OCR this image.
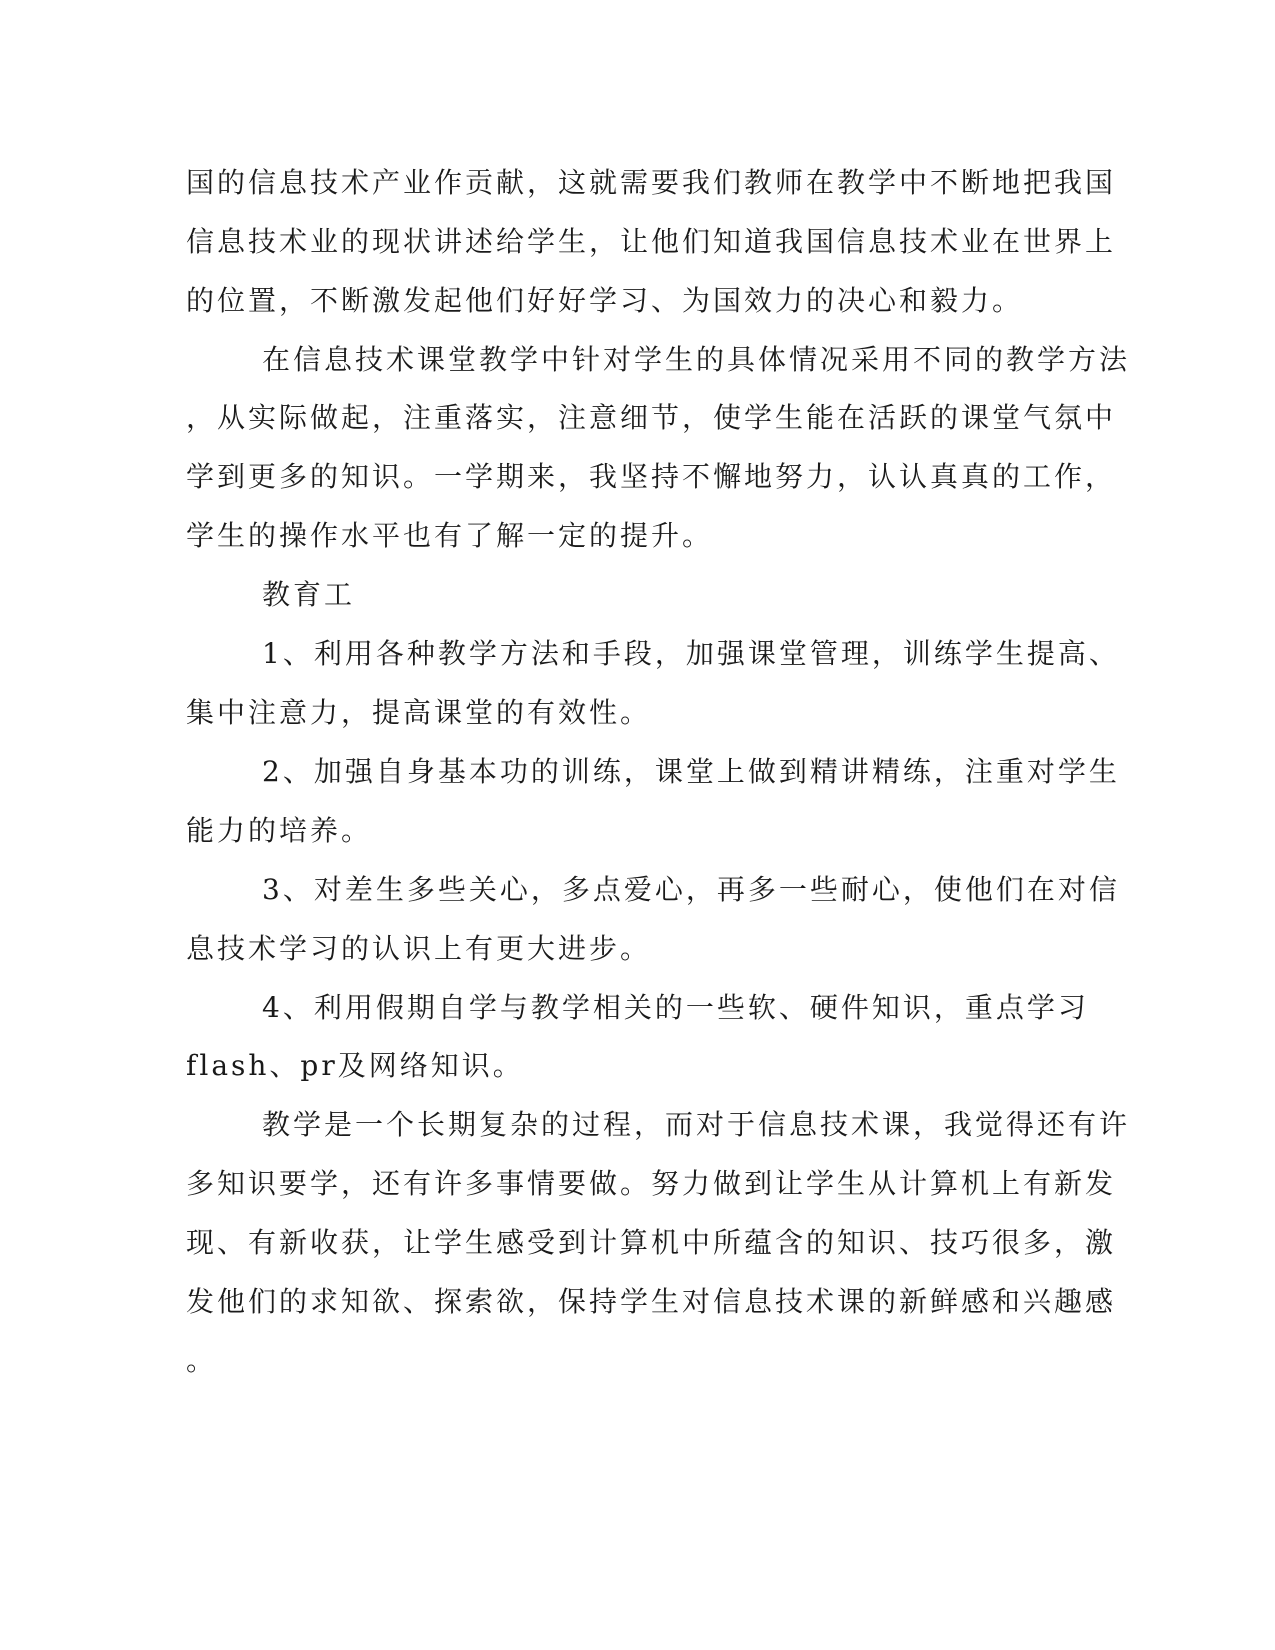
国的信息技术产业作贡献，这就需要我们教师在教学中不断地把我国
信息技术业的现状讲述给学生，让他们知道我国信息技术业在世界上
的位置，不断激发起他们好好学习、为国效力的决心和毅力。
在信息技术课堂教学中针对学生的具体情况采用不同的教学方法
，从实际做起，注重落实，注意细节，使学生能在活跃的课堂气氛中
学到更多的知识。一学期来，我坚持不懈地努力，认认真真的工作，
学生的操作水平也有了解一定的提升。
教育工
1、利用各种教学方法和手段，加强课堂管理，训练学生提高、
集中注意力，提高课堂的有效性。
2、加强自身基本功的训练，课堂上做到精讲精练，注重对学生
能力的培养。
3、对差生多些关心，多点爱心，再多一些耐心，使他们在对信
息技术学习的认识上有更大进步。
4、利用假期自学与教学相关的一些软、硬件知识，重点学习
flash、pr及网络知识。
教学是一个长期复杂的过程，而对于信息技术课，我觉得还有许
多知识要学，还有许多事情要做。努力做到让学生从计算机上有新发
现、有新收获，让学生感受到计算机中所蕴含的知识、技巧很多，激
发他们的求知欲、探索欲，保持学生对信息技术课的新鲜感和兴趣感
。
